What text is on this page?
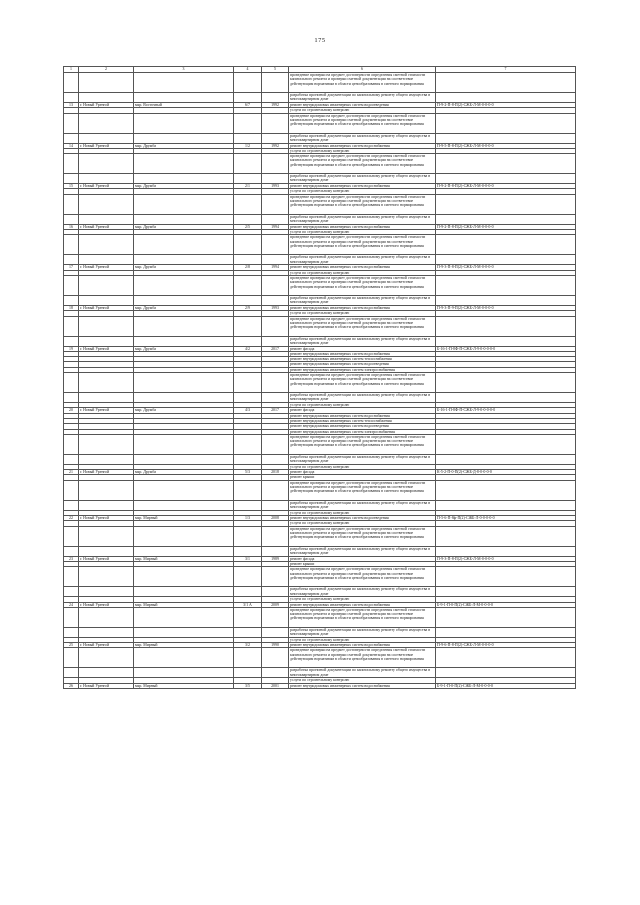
175
1	2	3	4	5	6	7
					проведение проверки на предмет достоверности определения сметной стоимости капитального ремонта и проверки сметной документации на соответствие действующим нормативам в области ценообразования в сметного нормирования	
					разработка проектной документации по капитальному ремонту общего имущества в многоквартирном доме	
13	г. Новый Уренгой	мкр. Восточный	6/7	1992	ремонт внутридомовых инженерных систем водоотведения	П-9-2-П-8-П(2)-СЖБ-Л-М-0-0-0-0
					услуги по строительному контролю	
					проведение проверки на предмет достоверности определения сметной стоимости капитального ремонта и проверки сметной документации на соответствие действующим нормативам в области ценообразования в сметного нормирования	
					разработка проектной документации по капитальному ремонту общего имущества в многоквартирном доме	
14	г. Новый Уренгой	мкр. Дружба	1/2	1992	ремонт внутридомовых инженерных систем водоснабжения	П-9-5-П-8-П(2)-СЖБ-Л-М-0-0-0-0
					услуги по строительному контролю	
					проведение проверки на предмет достоверности определения сметной стоимости капитального ремонта и проверки сметной документации на соответствие действующим нормативам в области ценообразования в сметного нормирования	
					разработка проектной документации по капитальному ремонту общего имущества в многоквартирном доме	
15	г. Новый Уренгой	мкр. Дружба	2/1	1993	ремонт внутридомовых инженерных систем водоснабжения	П-9-2-П-8-П(2)-СЖБ-Л-М-0-0-0-0
					услуги по строительному контролю	
					проведение проверки на предмет достоверности определения сметной стоимости капитального ремонта и проверки сметной документации на соответствие действующим нормативам в области ценообразования в сметного нормирования	
					разработка проектной документации по капитальному ремонту общего имущества в многоквартирном доме	
16	г. Новый Уренгой	мкр. Дружба	2/5	1994	ремонт внутридомовых инженерных систем водоснабжения	П-9-2-П-8-П(2)-СЖБ-Л-М-0-0-0-0
					услуги по строительному контролю	
					проведение проверки на предмет достоверности определения сметной стоимости капитального ремонта и проверки сметной документации на соответствие действующим нормативам в области ценообразования в сметного нормирования	
					разработка проектной документации по капитальному ремонту общего имущества в многоквартирном доме	
17	г. Новый Уренгой	мкр. Дружба	2/8	1994	ремонт внутридомовых инженерных систем водоснабжения	П-9-3-П-8-П(2)-СЖБ-Л-М-0-0-0-0
					услуги по строительному контролю	
					проведение проверки на предмет достоверности определения сметной стоимости капитального ремонта и проверки сметной документации на соответствие действующим нормативам в области ценообразования в сметного нормирования	
					разработка проектной документации по капитальному ремонту общего имущества в многоквартирном доме	
18	г. Новый Уренгой	мкр. Дружба	2/9	1993	ремонт внутридомовых инженерных систем водоснабжения	П-9-3-П-9-П(2)-СЖБ-Л-М-0-0-0-0
					услуги по строительному контролю	
					проведение проверки на предмет достоверности определения сметной стоимости капитального ремонта и проверки сметной документации на соответствие действующим нормативам в области ценообразования в сметного нормирования	
					разработка проектной документации по капитальному ремонту общего имущества в многоквартирном доме	
19	г. Новый Уренгой	мкр. Дружба	4/2	2017	ремонт фасада	Б-16-1-П-8Ф-П-СЖБ-Л-9-0-0-0-0-0
					ремонт внутридомовых инженерных систем водоснабжения	
					ремонт внутридомовых инженерных систем теплоснабжения	
					ремонт внутридомовых инженерных систем водоотведения	
					ремонт внутридомовых инженерных систем электроснабжения	
					проведение проверки на предмет достоверности определения сметной стоимости капитального ремонта и проверки сметной документации на соответствие действующим нормативам в области ценообразования в сметного нормирования	
					разработка проектной документации по капитальному ремонту общего имущества в многоквартирном доме	
					услуги по строительному контролю	
20	г. Новый Уренгой	мкр. Дружба	4/3	2017	ремонт фасада	Б-16-1-П-8Ф-П-СЖБ-Л-9-0-0-0-0-0
					ремонт внутридомовых инженерных систем водоснабжения	
					ремонт внутридомовых инженерных систем теплоснабжения	
					ремонт внутридомовых инженерных систем водоотведения	
					ремонт внутридомовых инженерных систем электроснабжения	
					проведение проверки на предмет достоверности определения сметной стоимости капитального ремонта и проверки сметной документации на соответствие действующим нормативам в области ценообразования в сметного нормирования	
					разработка проектной документации по капитальному ремонту общего имущества в многоквартирном доме	
					услуги по строительному контролю	
21	г. Новый Уренгой	мкр. Дружба	5/3	2018	ремонт фасада	К-5-2-П-0-П(2)-СЖБ-Д-8-0-0-0-0
					ремонт крыши	
					проведение проверки на предмет достоверности определения сметной стоимости капитального ремонта и проверки сметной документации на соответствие действующим нормативам в области ценообразования в сметного нормирования	
					разработка проектной документации по капитальному ремонту общего имущества в многоквартирном доме	
					услуги по строительному контролю	
22	г. Новый Уренгой	мкр. Мирный	1/3	2008	ремонт внутридомовых инженерных систем водоотведения	П-5-6-П-8ф-П(2)-СЖБ-Л-0-0-0-0-0
					услуги по строительному контролю	
					проведение проверки на предмет достоверности определения сметной стоимости капитального ремонта и проверки сметной документации на соответствие действующим нормативам в области ценообразования в сметного нормирования	
					разработка проектной документации по капитальному ремонту общего имущества в многоквартирном доме	
23	г. Новый Уренгой	мкр. Мирный	3/1	1989	ремонт фасада	П-9-3-П-8-П(2)-СЖБ-Л-М-0-0-0-0
					ремонт крыши	
					проведение проверки на предмет достоверности определения сметной стоимости капитального ремонта и проверки сметной документации на соответствие действующим нормативам в области ценообразования в сметного нормирования	
					разработка проектной документации по капитальному ремонту общего имущества в многоквартирном доме	
					услуги по строительному контролю	
24	г. Новый Уренгой	мкр. Мирный	3/1 А	2009	ремонт внутридомовых инженерных систем водоснабжения	Б-9-1-П-0-П(2)-СЖБ-Л-М-0-0-0-0
					проведение проверки на предмет достоверности определения сметной стоимости капитального ремонта и проверки сметной документации на соответствие действующим нормативам в области ценообразования в сметного нормирования	
					разработка проектной документации по капитальному ремонту общего имущества в многоквартирном доме	
					услуги по строительному контролю	
25	г. Новый Уренгой	мкр. Мирный	3/2	1990	ремонт внутридомовых инженерных систем водоснабжения	П-9-6-П-8-П(2)-СЖБ-Л-М-0-0-0-0
					проведение проверки на предмет достоверности определения сметной стоимости капитального ремонта и проверки сметной документации на соответствие действующим нормативам в области ценообразования в сметного нормирования	
					разработка проектной документации по капитальному ремонту общего имущества в многоквартирном доме	
					услуги по строительному контролю	
26	г. Новый Уренгой	мкр. Мирный	3/5	2001	ремонт внутридомовых инженерных систем водоснабжения	Б-9-1-П-0-П(2)-СЖБ-Л-М-0-0-0-0
